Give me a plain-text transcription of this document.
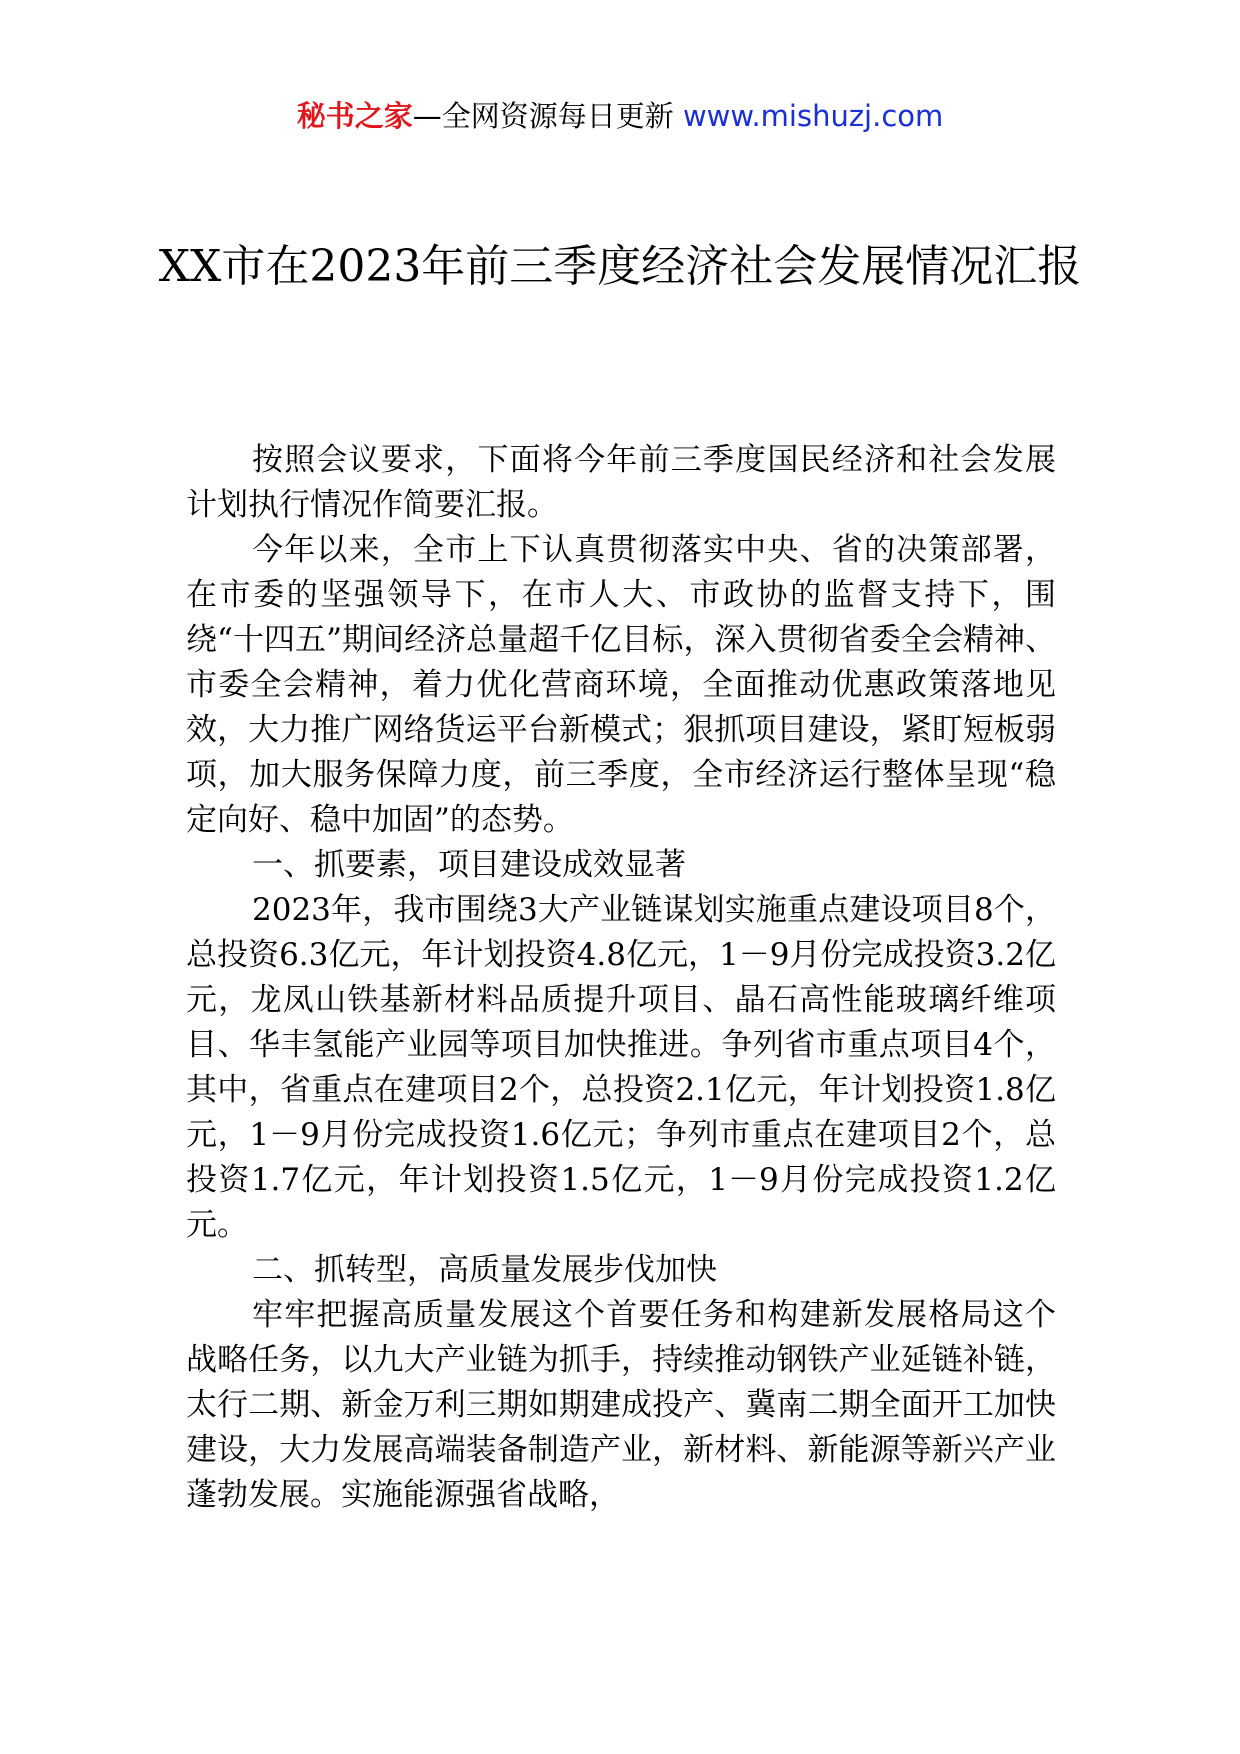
秘书之家—全网资源每日更新 www.mishuzj.com
XX市在2023年前三季度经济社会发展情况汇报

按照会议要求，下面将今年前三季度国民经济和社会发展计划执行情况作简要汇报。

今年以来，全市上下认真贯彻落实中央、省的决策部署，在市委的坚强领导下，在市人大、市政协的监督支持下，围绕“十四五”期间经济总量超千亿目标，深入贯彻省委全会精神、市委全会精神，着力优化营商环境，全面推动优惠政策落地见效，大力推广网络货运平台新模式；狠抓项目建设，紧盯短板弱项，加大服务保障力度，前三季度，全市经济运行整体呈现“稳定向好、稳中加固”的态势。

一、抓要素，项目建设成效显著

2023年，我市围绕3大产业链谋划实施重点建设项目8个，总投资6.3亿元，年计划投资4.8亿元，1－9月份完成投资3.2亿元，龙凤山铁基新材料品质提升项目、晶石高性能玻璃纤维项目、华丰氢能产业园等项目加快推进。争列省市重点项目4个，其中，省重点在建项目2个，总投资2.1亿元，年计划投资1.8亿元，1－9月份完成投资1.6亿元；争列市重点在建项目2个，总投资1.7亿元，年计划投资1.5亿元，1－9月份完成投资1.2亿元。

二、抓转型，高质量发展步伐加快

牢牢把握高质量发展这个首要任务和构建新发展格局这个战略任务，以九大产业链为抓手，持续推动钢铁产业延链补链，太行二期、新金万利三期如期建成投产、冀南二期全面开工加快建设，大力发展高端装备制造产业，新材料、新能源等新兴产业蓬勃发展。实施能源强省战略，
